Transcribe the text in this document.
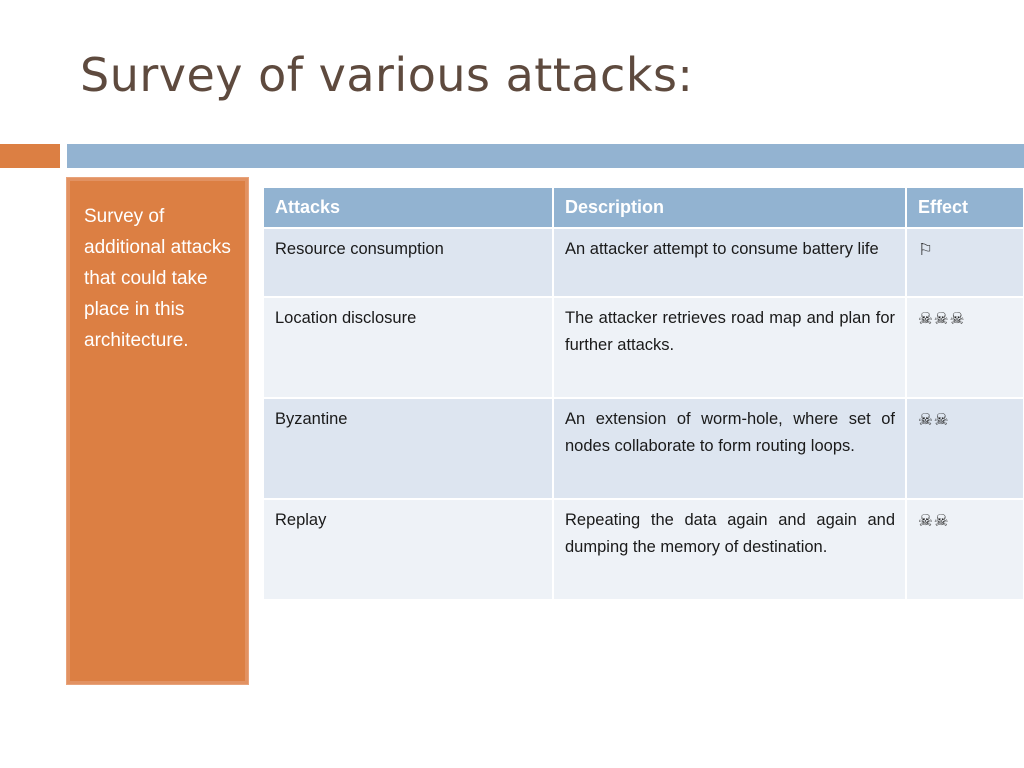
Survey of various attacks:

Survey of additional attacks that could take place in this architecture.

Attacks	Description	Effect
Resource consumption	An attacker attempt to consume battery life	⚐
Location disclosure	The attacker retrieves road map and plan for further attacks.	☠☠☠
Byzantine	An extension of worm-hole, where set of nodes collaborate to form routing loops.	☠☠
Replay	Repeating the data again and again and dumping the memory of destination.	☠☠
